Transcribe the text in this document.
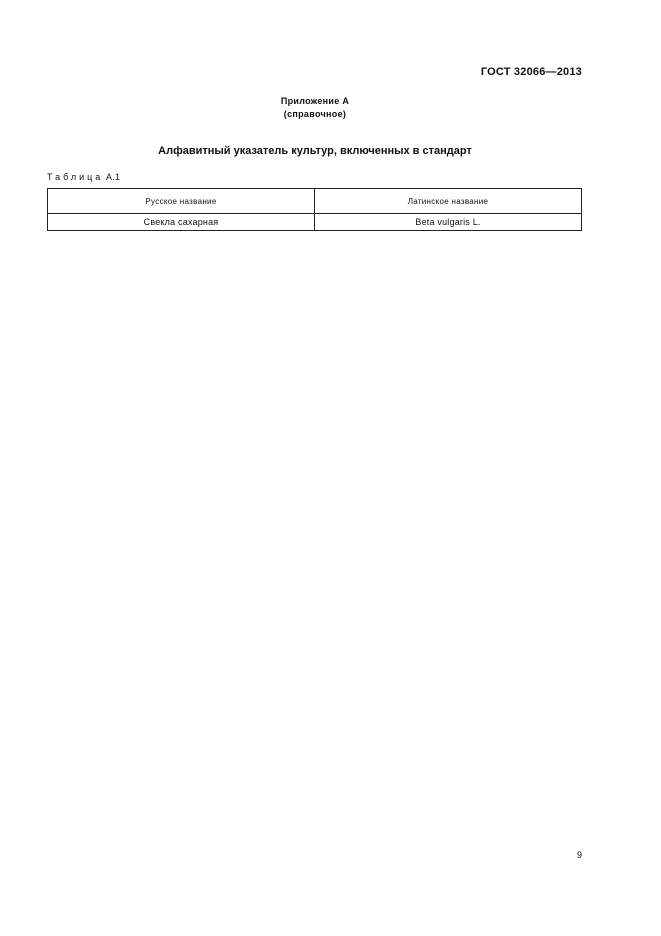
ГОСТ 32066—2013
Приложение А
(справочное)
Алфавитный указатель культур, включенных в стандарт
Таблица А.1
Русское название	Латинское название
Свекла сахарная	Beta vulgaris L.
9
